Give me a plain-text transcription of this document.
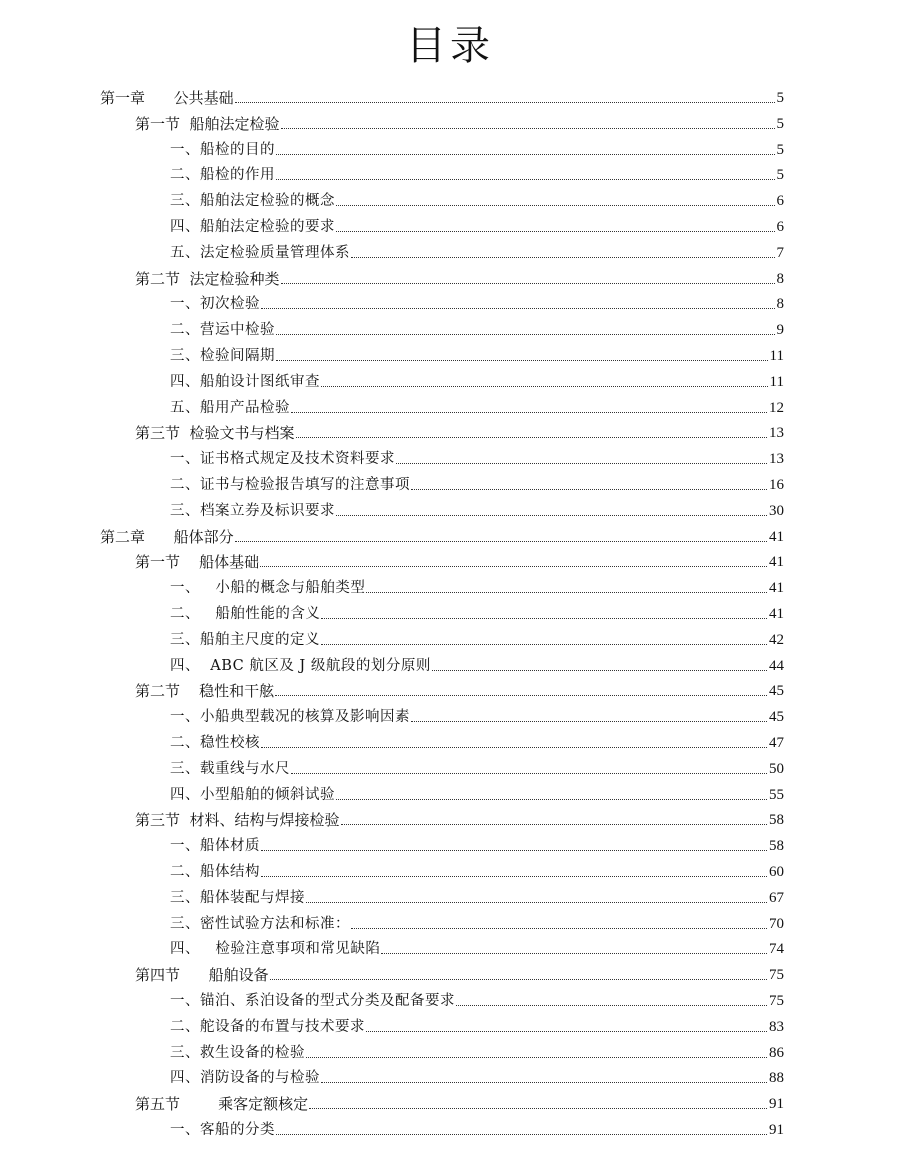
目录
第一章      公共基础	5
第一节  船舶法定检验	5
一、船检的目的	5
二、船检的作用	5
三、船舶法定检验的概念	6
四、船舶法定检验的要求	6
五、法定检验质量管理体系	7
第二节  法定检验种类	8
一、初次检验	8
二、营运中检验	9
三、检验间隔期	11
四、船舶设计图纸审查	11
五、船用产品检验	12
第三节  检验文书与档案	13
一、证书格式规定及技术资料要求	13
二、证书与检验报告填写的注意事项	16
三、档案立券及标识要求	30
第二章      船体部分	41
第一节    船体基础	41
一、   小船的概念与船舶类型	41
二、   船舶性能的含义	41
三、船舶主尺度的定义	42
四、  ABC 航区及 J 级航段的划分原则	44
第二节    稳性和干舷	45
一、小船典型载况的核算及影响因素	45
二、稳性校核	47
三、载重线与水尺	50
四、小型船舶的倾斜试验	55
第三节  材料、结构与焊接检验	58
一、船体材质	58
二、船体结构	60
三、船体装配与焊接	67
三、密性试验方法和标准：	70
四、   检验注意事项和常见缺陷	74
第四节      船舶设备	75
一、锚泊、系泊设备的型式分类及配备要求	75
二、舵设备的布置与技术要求	83
三、救生设备的检验	86
四、消防设备的与检验	88
第五节        乘客定额核定	91
一、客船的分类	91
